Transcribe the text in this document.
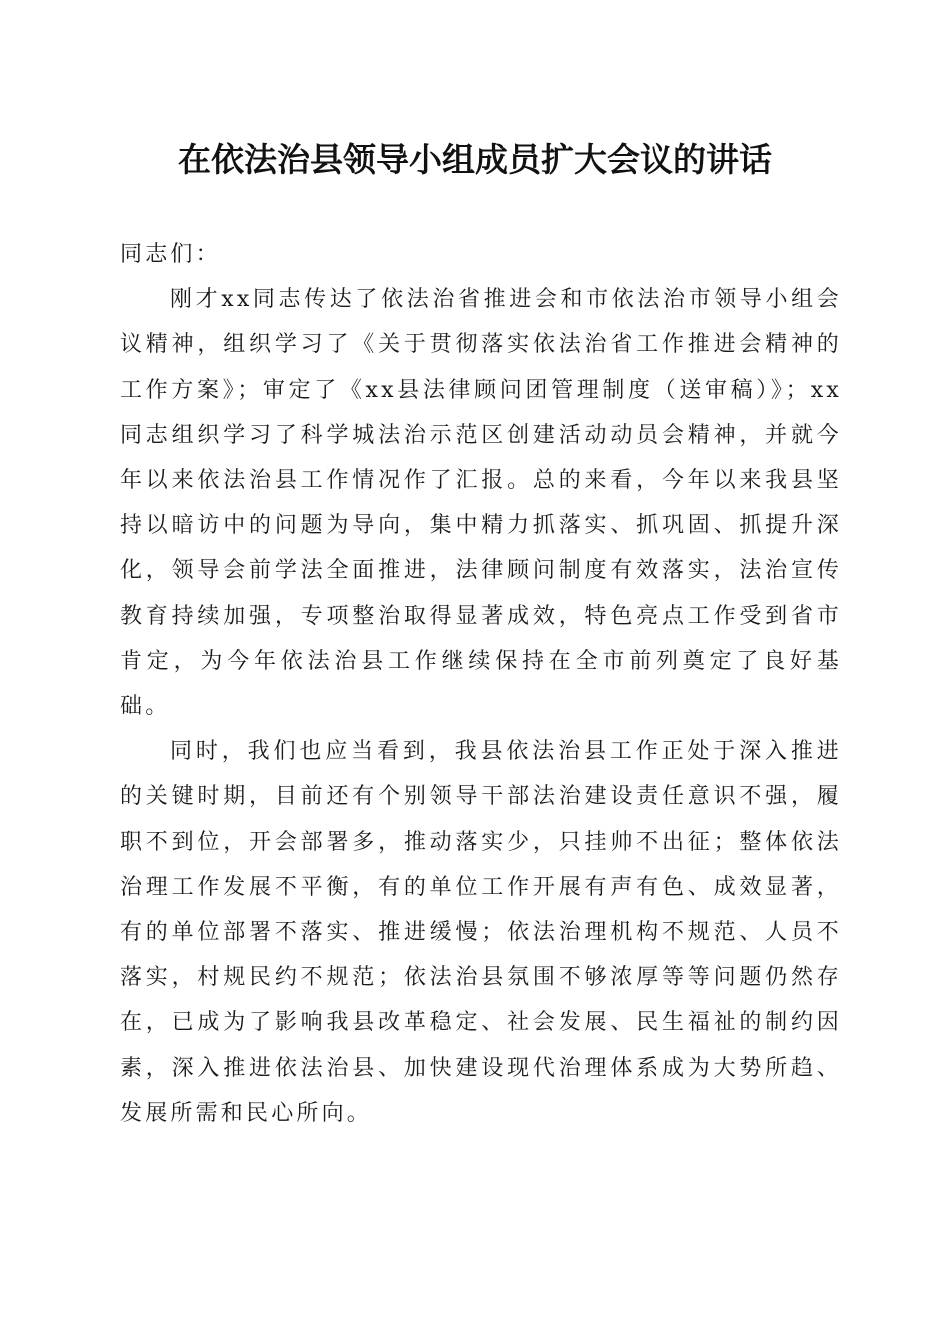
在依法治县领导小组成员扩大会议的讲话

同志们：

刚才xx同志传达了依法治省推进会和市依法治市领导小组会议精神，组织学习了《关于贯彻落实依法治省工作推进会精神的工作方案》；审定了《xx县法律顾问团管理制度（送审稿）》；xx同志组织学习了科学城法治示范区创建活动动员会精神，并就今年以来依法治县工作情况作了汇报。总的来看，今年以来我县坚持以暗访中的问题为导向，集中精力抓落实、抓巩固、抓提升深化，领导会前学法全面推进，法律顾问制度有效落实，法治宣传教育持续加强，专项整治取得显著成效，特色亮点工作受到省市肯定，为今年依法治县工作继续保持在全市前列奠定了良好基础。

同时，我们也应当看到，我县依法治县工作正处于深入推进的关键时期，目前还有个别领导干部法治建设责任意识不强，履职不到位，开会部署多，推动落实少，只挂帅不出征；整体依法治理工作发展不平衡，有的单位工作开展有声有色、成效显著，有的单位部署不落实、推进缓慢；依法治理机构不规范、人员不落实，村规民约不规范；依法治县氛围不够浓厚等等问题仍然存在，已成为了影响我县改革稳定、社会发展、民生福祉的制约因素，深入推进依法治县、加快建设现代治理体系成为大势所趋、发展所需和民心所向。
